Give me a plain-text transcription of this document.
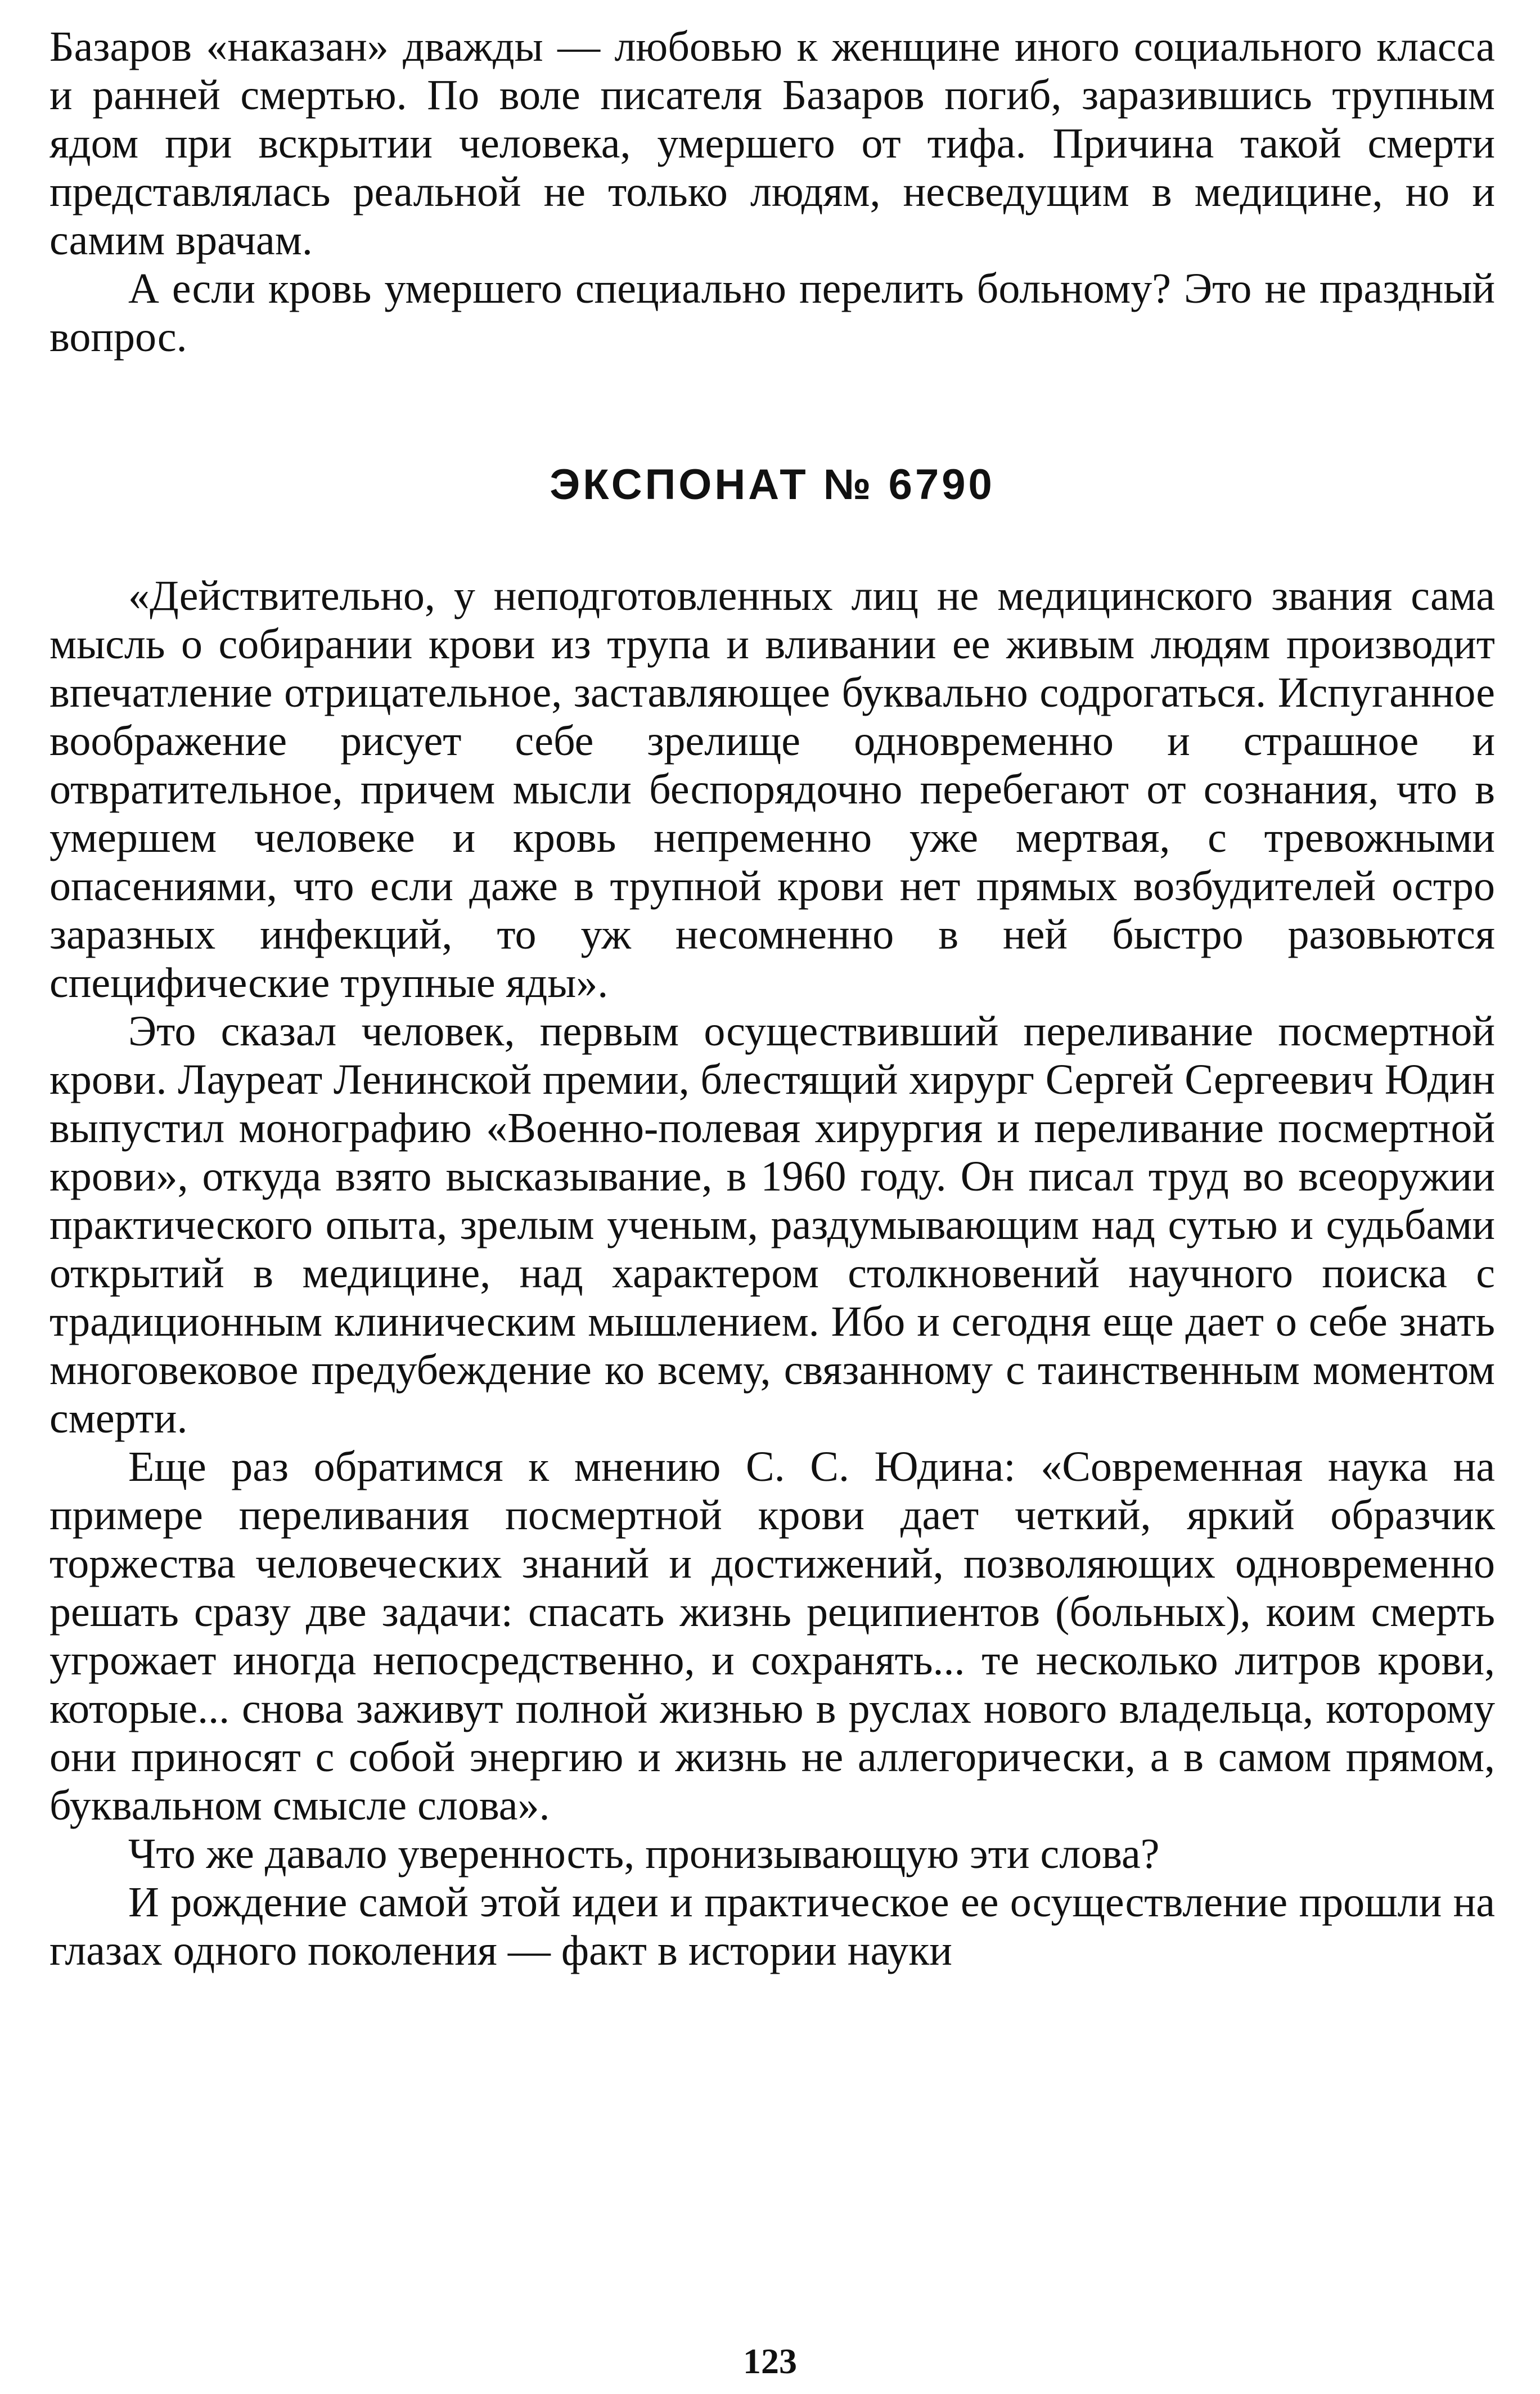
Базаров «наказан» дважды — любовью к женщине иного социального класса и ранней смертью. По воле писателя Базаров погиб, заразившись трупным ядом при вскрытии человека, умершего от тифа. Причина такой смерти представлялась реальной не только людям, несведущим в медицине, но и самим врачам.

А если кровь умершего специально перелить больному? Это не праздный вопрос.

ЭКСПОНАТ № 6790

«Действительно, у неподготовленных лиц не медицинского звания сама мысль о собирании крови из трупа и вливании ее живым людям производит впечатление отрицательное, заставляющее буквально содрогаться. Испуганное воображение рисует себе зрелище одновременно и страшное и отвратительное, причем мысли беспорядочно перебегают от сознания, что в умершем человеке и кровь непременно уже мертвая, с тревожными опасениями, что если даже в трупной крови нет прямых возбудителей остро заразных инфекций, то уж несомненно в ней быстро разовьются специфические трупные яды».

Это сказал человек, первым осуществивший переливание посмертной крови. Лауреат Ленинской премии, блестящий хирург Сергей Сергеевич Юдин выпустил монографию «Военно-полевая хирургия и переливание посмертной крови», откуда взято высказывание, в 1960 году. Он писал труд во всеоружии практического опыта, зрелым ученым, раздумывающим над сутью и судьбами открытий в медицине, над характером столкновений научного поиска с традиционным клиническим мышлением. Ибо и сегодня еще дает о себе знать многовековое предубеждение ко всему, связанному с таинственным моментом смерти.

Еще раз обратимся к мнению С. С. Юдина: «Современная наука на примере переливания посмертной крови дает четкий, яркий образчик торжества человеческих знаний и достижений, позволяющих одновременно решать сразу две задачи: спасать жизнь реципиентов (больных), коим смерть угрожает иногда непосредственно, и сохранять... те несколько литров крови, которые... снова заживут полной жизнью в руслах нового владельца, которому они приносят с собой энергию и жизнь не аллегорически, а в самом прямом, буквальном смысле слова».

Что же давало уверенность, пронизывающую эти слова?

И рождение самой этой идеи и практическое ее осуществление прошли на глазах одного поколения — факт в истории науки

123
